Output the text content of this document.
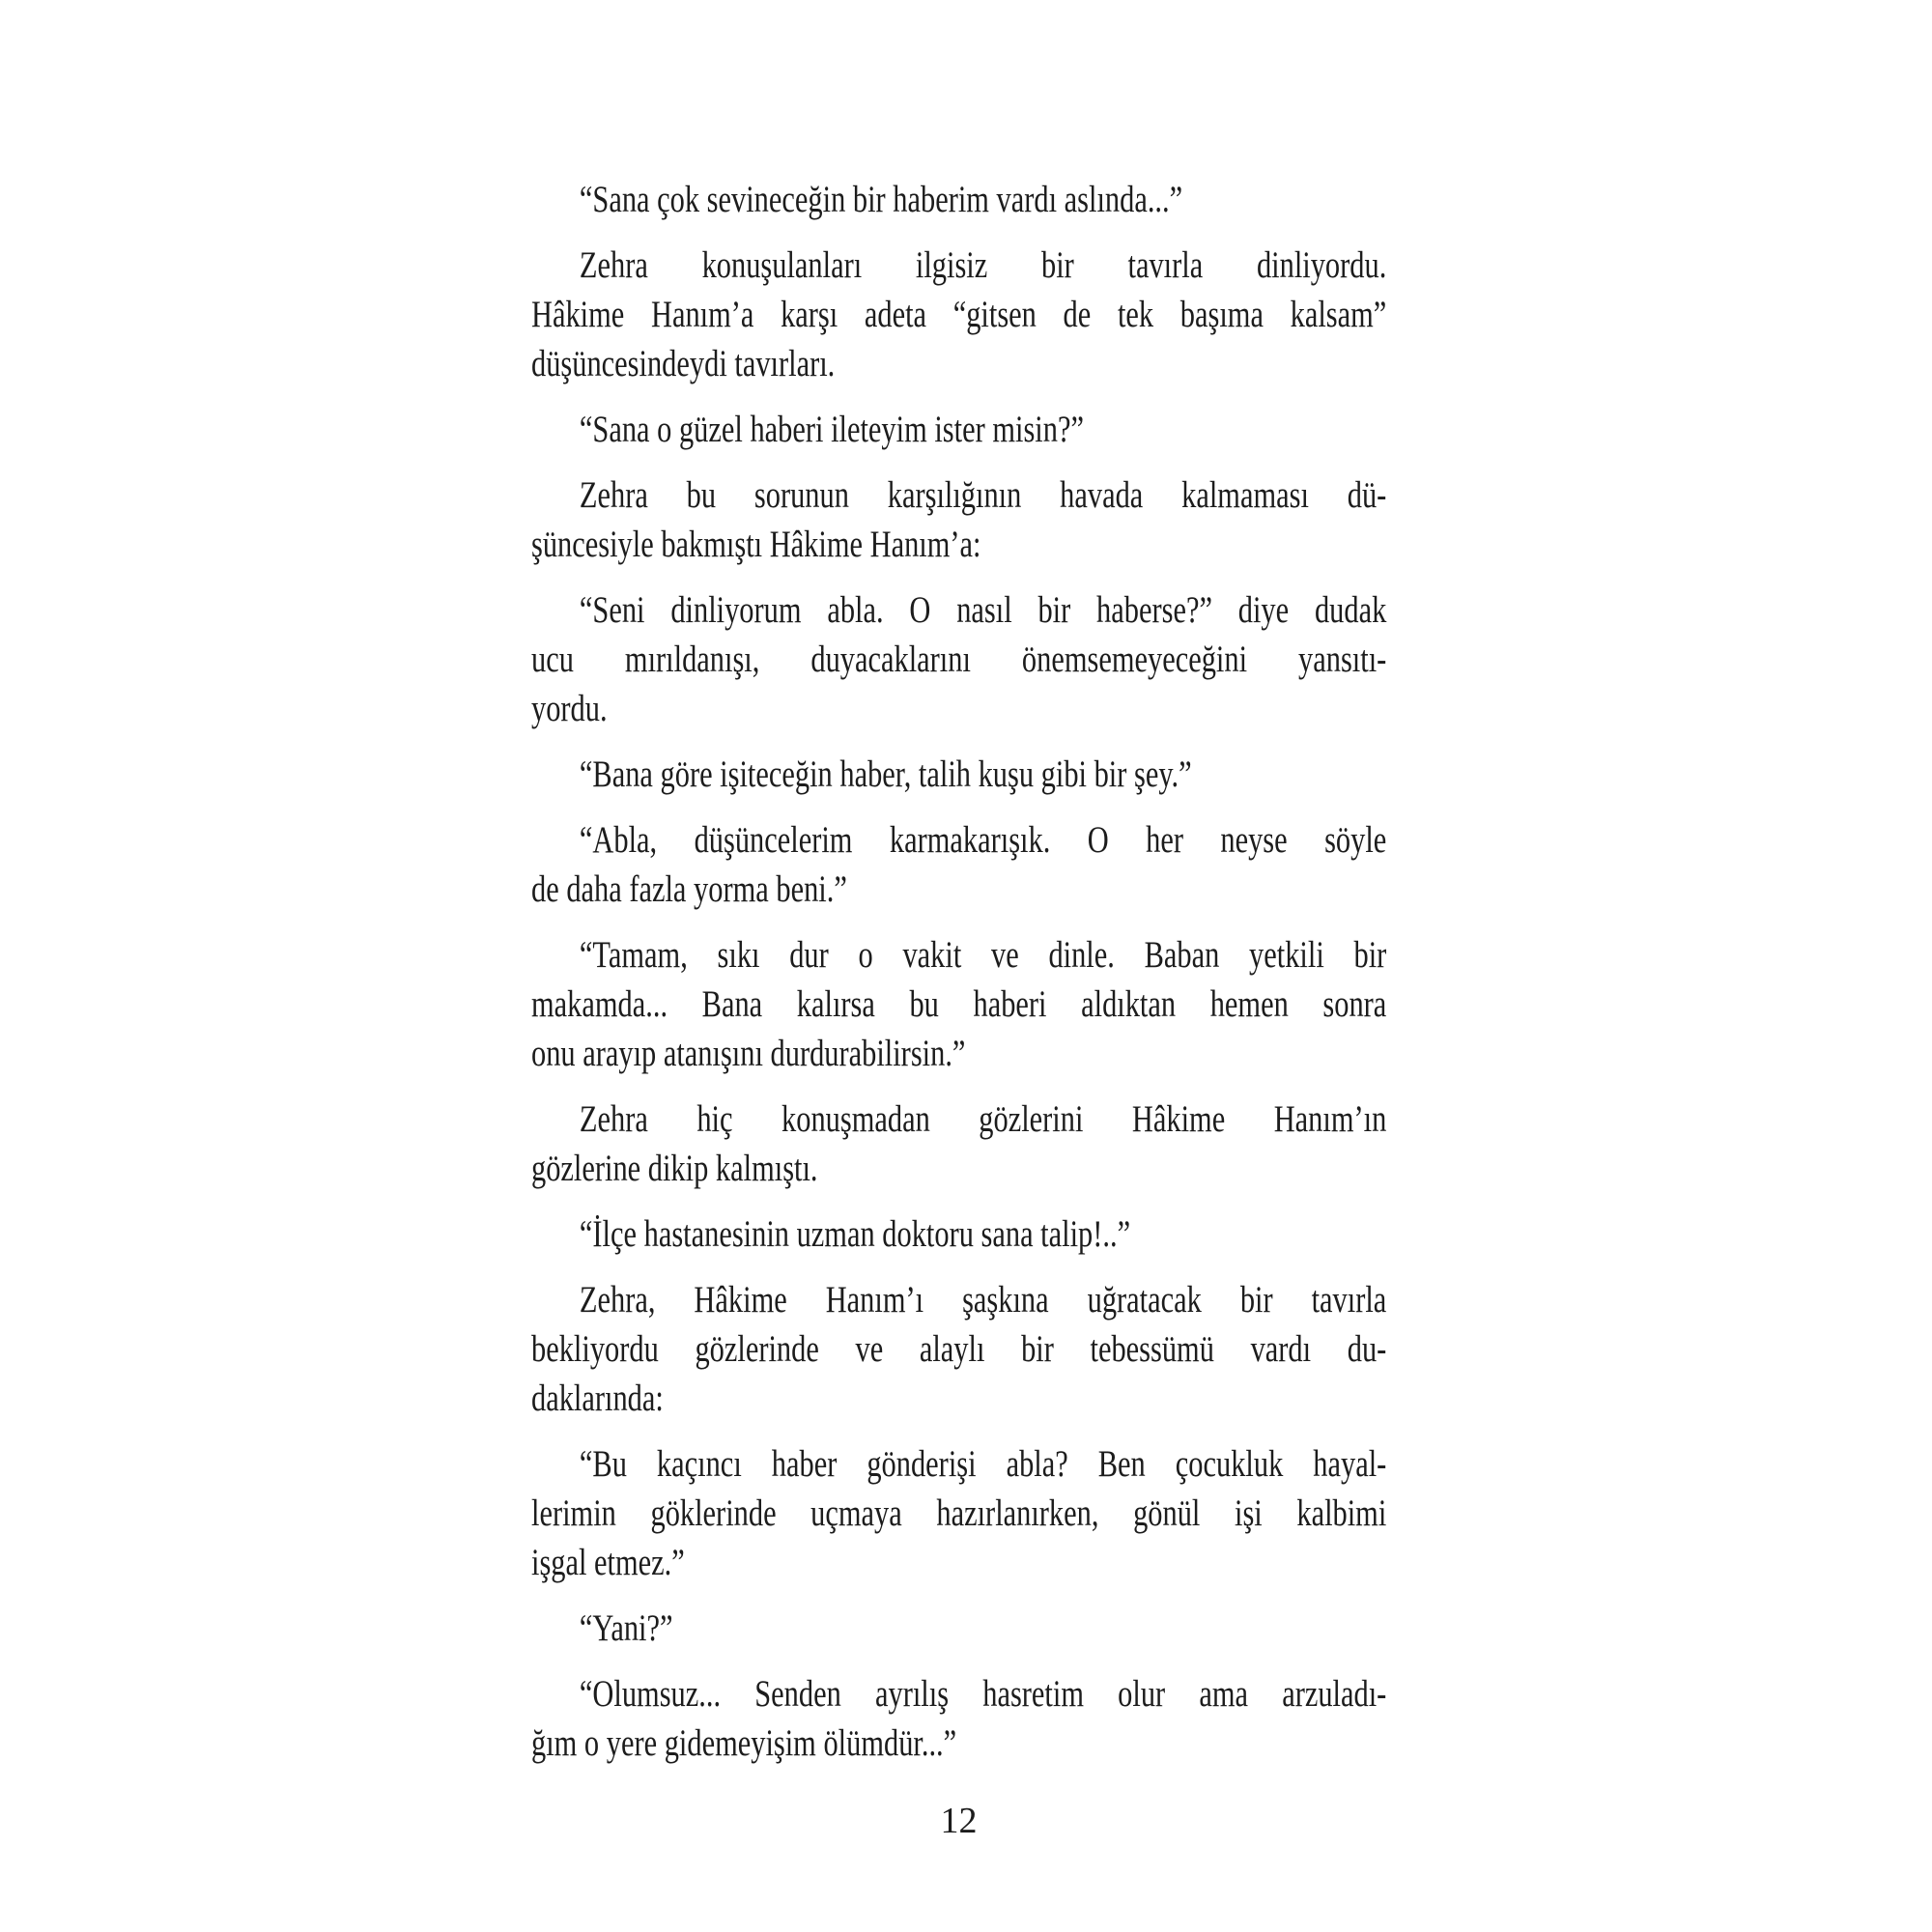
“Sana çok sevineceğin bir haberim vardı aslında...”

Zehra konuşulanları ilgisiz bir tavırla dinliyordu.
Hâkime Hanım’a karşı adeta “gitsen de tek başıma kalsam”
düşüncesindeydi tavırları.

“Sana o güzel haberi ileteyim ister misin?”

Zehra bu sorunun karşılığının havada kalmaması dü-
şüncesiyle bakmıştı Hâkime Hanım’a:

“Seni dinliyorum abla. O nasıl bir haberse?” diye dudak
ucu mırıldanışı, duyacaklarını önemsemeyeceğini yansıtı-
yordu.

“Bana göre işiteceğin haber, talih kuşu gibi bir şey.”

“Abla, düşüncelerim karmakarışık. O her neyse söyle
de daha fazla yorma beni.”

“Tamam, sıkı dur o vakit ve dinle. Baban yetkili bir
makamda... Bana kalırsa bu haberi aldıktan hemen sonra
onu arayıp atanışını durdurabilirsin.”

Zehra hiç konuşmadan gözlerini Hâkime Hanım’ın
gözlerine dikip kalmıştı.

“İlçe hastanesinin uzman doktoru sana talip!..”

Zehra, Hâkime Hanım’ı şaşkına uğratacak bir tavırla
bekliyordu gözlerinde ve alaylı bir tebessümü vardı du-
daklarında:

“Bu kaçıncı haber gönderişi abla? Ben çocukluk hayal-
lerimin göklerinde uçmaya hazırlanırken, gönül işi kalbimi
işgal etmez.”

“Yani?”

“Olumsuz... Senden ayrılış hasretim olur ama arzuladı-
ğım o yere gidemeyişim ölümdür...”

12
